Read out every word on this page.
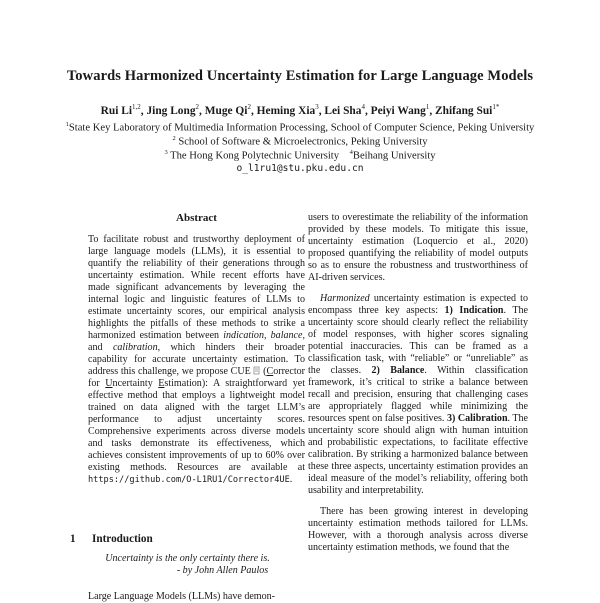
Towards Harmonized Uncertainty Estimation for Large Language Models
Rui Li$^{1,2}$, Jing Long$^2$, Muge Qi$^2$, Heming Xia$^3$, Lei Sha$^4$, Peiyi Wang$^1$, Zhifang Sui$^{1*}$
$^1$State Key Laboratory of Multimedia Information Processing, School of Computer Science, Peking University
$^2$ School of Software & Microelectronics, Peking University
$^3$ The Hong Kong Polytechnic University $^4$Beihang University
o_l1ru1@stu.pku.edu.cn
Abstract
To facilitate robust and trustworthy deployment of large language models (LLMs), it is essential to quantify the reliability of their generations through uncertainty estimation. While recent efforts have made significant advancements by leveraging the internal logic and linguistic features of LLMs to estimate uncertainty scores, our empirical analysis highlights the pitfalls of these methods to strike a harmonized estimation between indication, balance, and calibration, which hinders their broader capability for accurate uncertainty estimation. To address this challenge, we propose CUE  (Corrector for Uncertainty Estimation): A straightforward yet effective method that employs a lightweight model trained on data aligned with the target LLM’s performance to adjust uncertainty scores. Comprehensive experiments across diverse models and tasks demonstrate its effectiveness, which achieves consistent improvements of up to 60% over existing methods. Resources are available at https://github.com/O-L1RU1/Corrector4UE.
1 Introduction
Uncertainty is the only certainty there is.
- by John Allen Paulos
Large Language Models (LLMs) have demon-
users to overestimate the reliability of the information provided by these models. To mitigate this issue, uncertainty estimation (Loquercio et al., 2020) proposed quantifying the reliability of model outputs so as to ensure the robustness and trustworthiness of AI-driven services.
Harmonized uncertainty estimation is expected to encompass three key aspects: 1) Indication. The uncertainty score should clearly reflect the reliability of model responses, with higher scores signaling potential inaccuracies. This can be framed as a classification task, with “reliable” or “unreliable” as the classes. 2) Balance. Within classification framework, it’s critical to strike a balance between recall and precision, ensuring that challenging cases are appropriately flagged while minimizing the resources spent on false positives. 3) Calibration. The uncertainty score should align with human intuition and probabilistic expectations, to facilitate effective calibration. By striking a harmonized balance between these three aspects, uncertainty estimation provides an ideal measure of the model’s reliability, offering both usability and interpretability.
There has been growing interest in developing uncertainty estimation methods tailored for LLMs. However, with a thorough analysis across diverse uncertainty estimation methods, we found that the
